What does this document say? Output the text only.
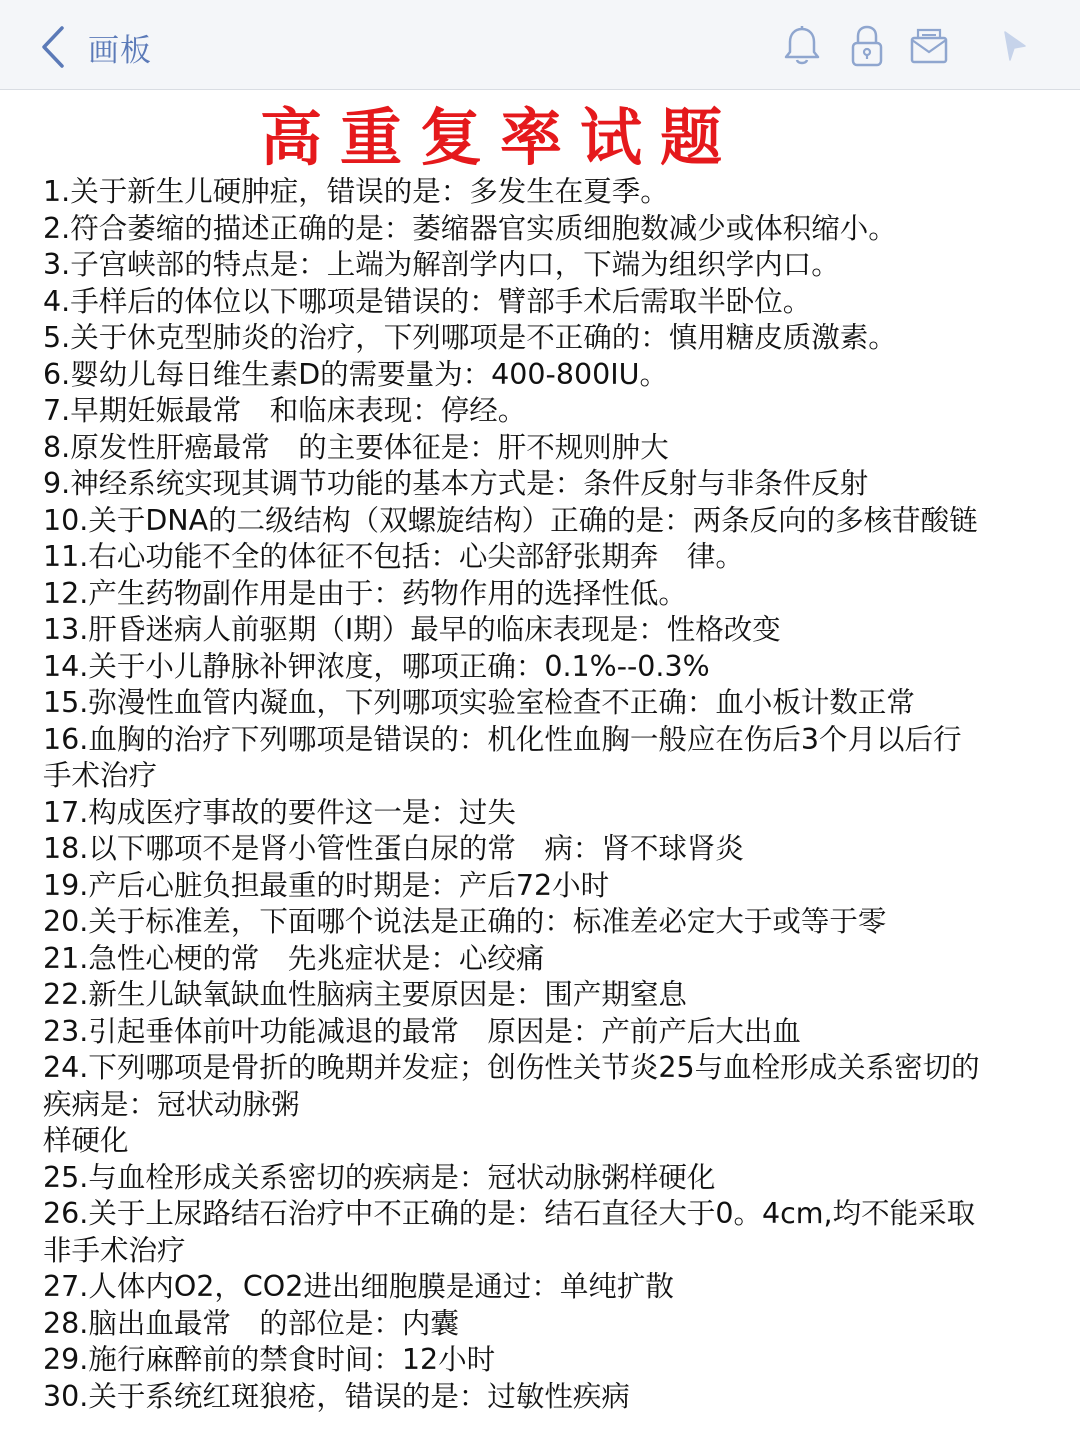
画板
高重复率试题
1.关于新生儿硬肿症，错误的是：多发生在夏季。
2.符合萎缩的描述正确的是：萎缩器官实质细胞数减少或体积缩小。
3.子宫峡部的特点是：上端为解剖学内口，下端为组织学内口。
4.手样后的体位以下哪项是错误的：臂部手术后需取半卧位。
5.关于休克型肺炎的治疗，下列哪项是不正确的：慎用糖皮质激素。
6.婴幼儿每日维生素D的需要量为：400-800IU。
7.早期妊娠最常　和临床表现：停经。
8.原发性肝癌最常　的主要体征是：肝不规则肿大
9.神经系统实现其调节功能的基本方式是：条件反射与非条件反射
10.关于DNA的二级结构（双螺旋结构）正确的是：两条反向的多核苷酸链
11.右心功能不全的体征不包括：心尖部舒张期奔　律。
12.产生药物副作用是由于：药物作用的选择性低。
13.肝昏迷病人前驱期（Ⅰ期）最早的临床表现是：性格改变
14.关于小儿静脉补钾浓度，哪项正确：0.1%--0.3%
15.弥漫性血管内凝血，下列哪项实验室检查不正确：血小板计数正常
16.血胸的治疗下列哪项是错误的：机化性血胸一般应在伤后3个月以后行
手术治疗
17.构成医疗事故的要件这一是：过失
18.以下哪项不是肾小管性蛋白尿的常　病：肾不球肾炎
19.产后心脏负担最重的时期是：产后72小时
20.关于标准差，下面哪个说法是正确的：标准差必定大于或等于零
21.急性心梗的常　先兆症状是：心绞痛
22.新生儿缺氧缺血性脑病主要原因是：围产期窒息
23.引起垂体前叶功能减退的最常　原因是：产前产后大出血
24.下列哪项是骨折的晚期并发症；创伤性关节炎25与血栓形成关系密切的
疾病是：冠状动脉粥
样硬化
25.与血栓形成关系密切的疾病是：冠状动脉粥样硬化
26.关于上尿路结石治疗中不正确的是：结石直径大于0。4cm,均不能采取
非手术治疗
27.人体内O2，CO2进出细胞膜是通过：单纯扩散
28.脑出血最常　的部位是：内囊
29.施行麻醉前的禁食时间：12小时
30.关于系统红斑狼疮，错误的是：过敏性疾病
